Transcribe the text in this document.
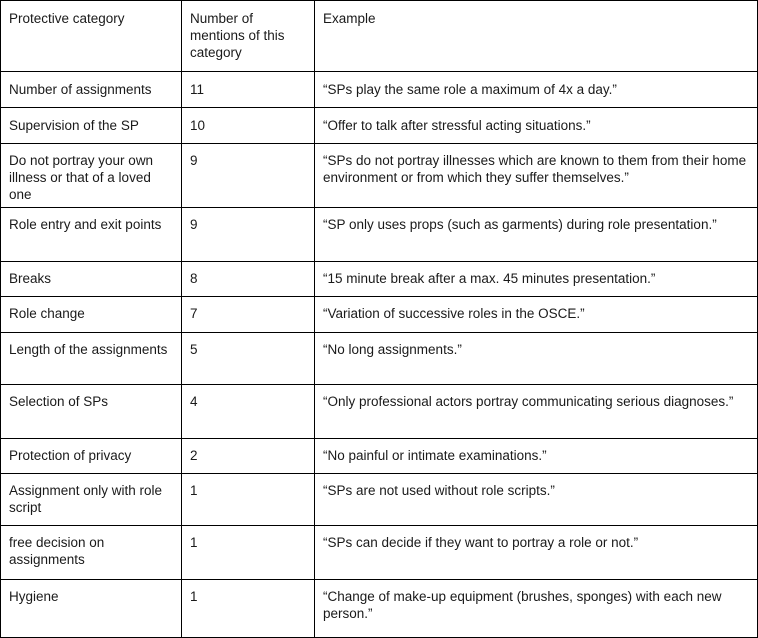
Protective category	Number of mentions of this category	Example
Number of assignments	11	“SPs play the same role a maximum of 4x a day.”
Supervision of the SP	10	“Offer to talk after stressful acting situations.”
Do not portray your own illness or that of a loved one	9	“SPs do not portray illnesses which are known to them from their home environment or from which they suffer themselves.”
Role entry and exit points	9	“SP only uses props (such as garments) during role presentation.”
Breaks	8	“15 minute break after a max. 45 minutes presentation.”
Role change	7	“Variation of successive roles in the OSCE.”
Length of the assignments	5	“No long assignments.”
Selection of SPs	4	“Only professional actors portray communicating serious diagnoses.”
Protection of privacy	2	“No painful or intimate examinations.”
Assignment only with role script	1	“SPs are not used without role scripts.”
free decision on assignments	1	“SPs can decide if they want to portray a role or not.”
Hygiene	1	“Change of make-up equipment (brushes, sponges) with each new person.”
